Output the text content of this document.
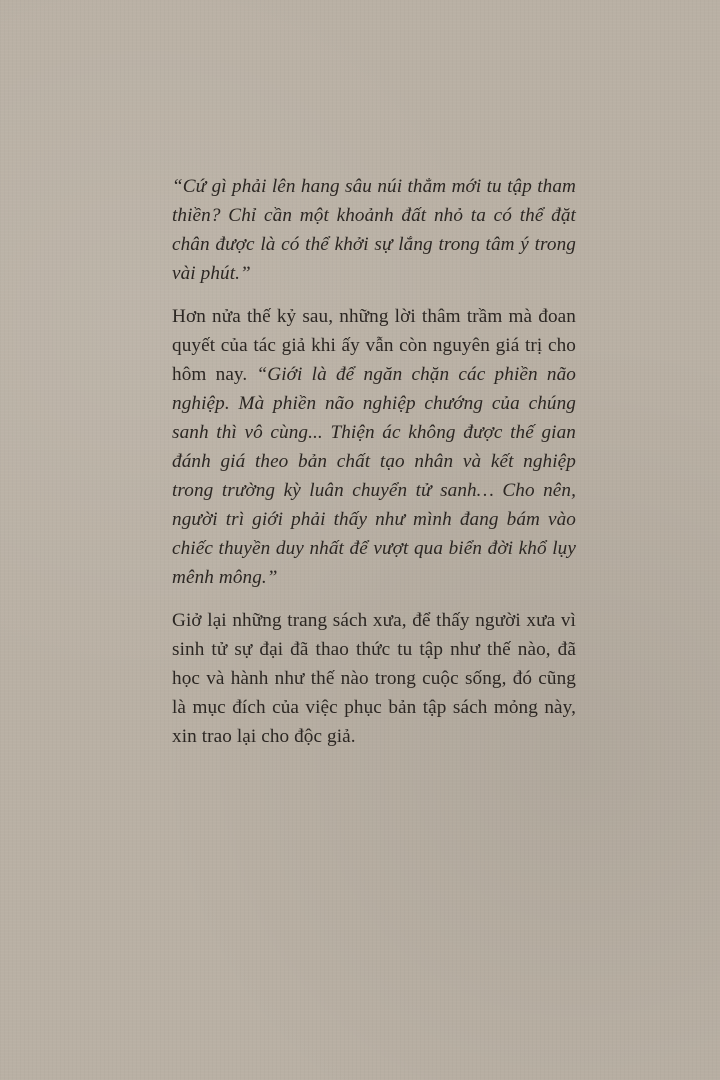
“Cứ gì phải lên hang sâu núi thẳm mới tu tập tham thiền? Chỉ cần một khoảnh đất nhỏ ta có thể đặt chân được là có thể khởi sự lắng trong tâm ý trong vài phút.”

Hơn nửa thế kỷ sau, những lời thâm trầm mà đoan quyết của tác giả khi ấy vẫn còn nguyên giá trị cho hôm nay. “Giới là để ngăn chặn các phiền não nghiệp. Mà phiền não nghiệp chướng của chúng sanh thì vô cùng... Thiện ác không được thế gian đánh giá theo bản chất tạo nhân và kết nghiệp trong trường kỳ luân chuyển tử sanh… Cho nên, người trì giới phải thấy như mình đang bám vào chiếc thuyền duy nhất để vượt qua biển đời khổ lụy mênh mông.”

Giở lại những trang sách xưa, để thấy người xưa vì sinh tử sự đại đã thao thức tu tập như thế nào, đã học và hành như thế nào trong cuộc sống, đó cũng là mục đích của việc phục bản tập sách mỏng này, xin trao lại cho độc giả.
